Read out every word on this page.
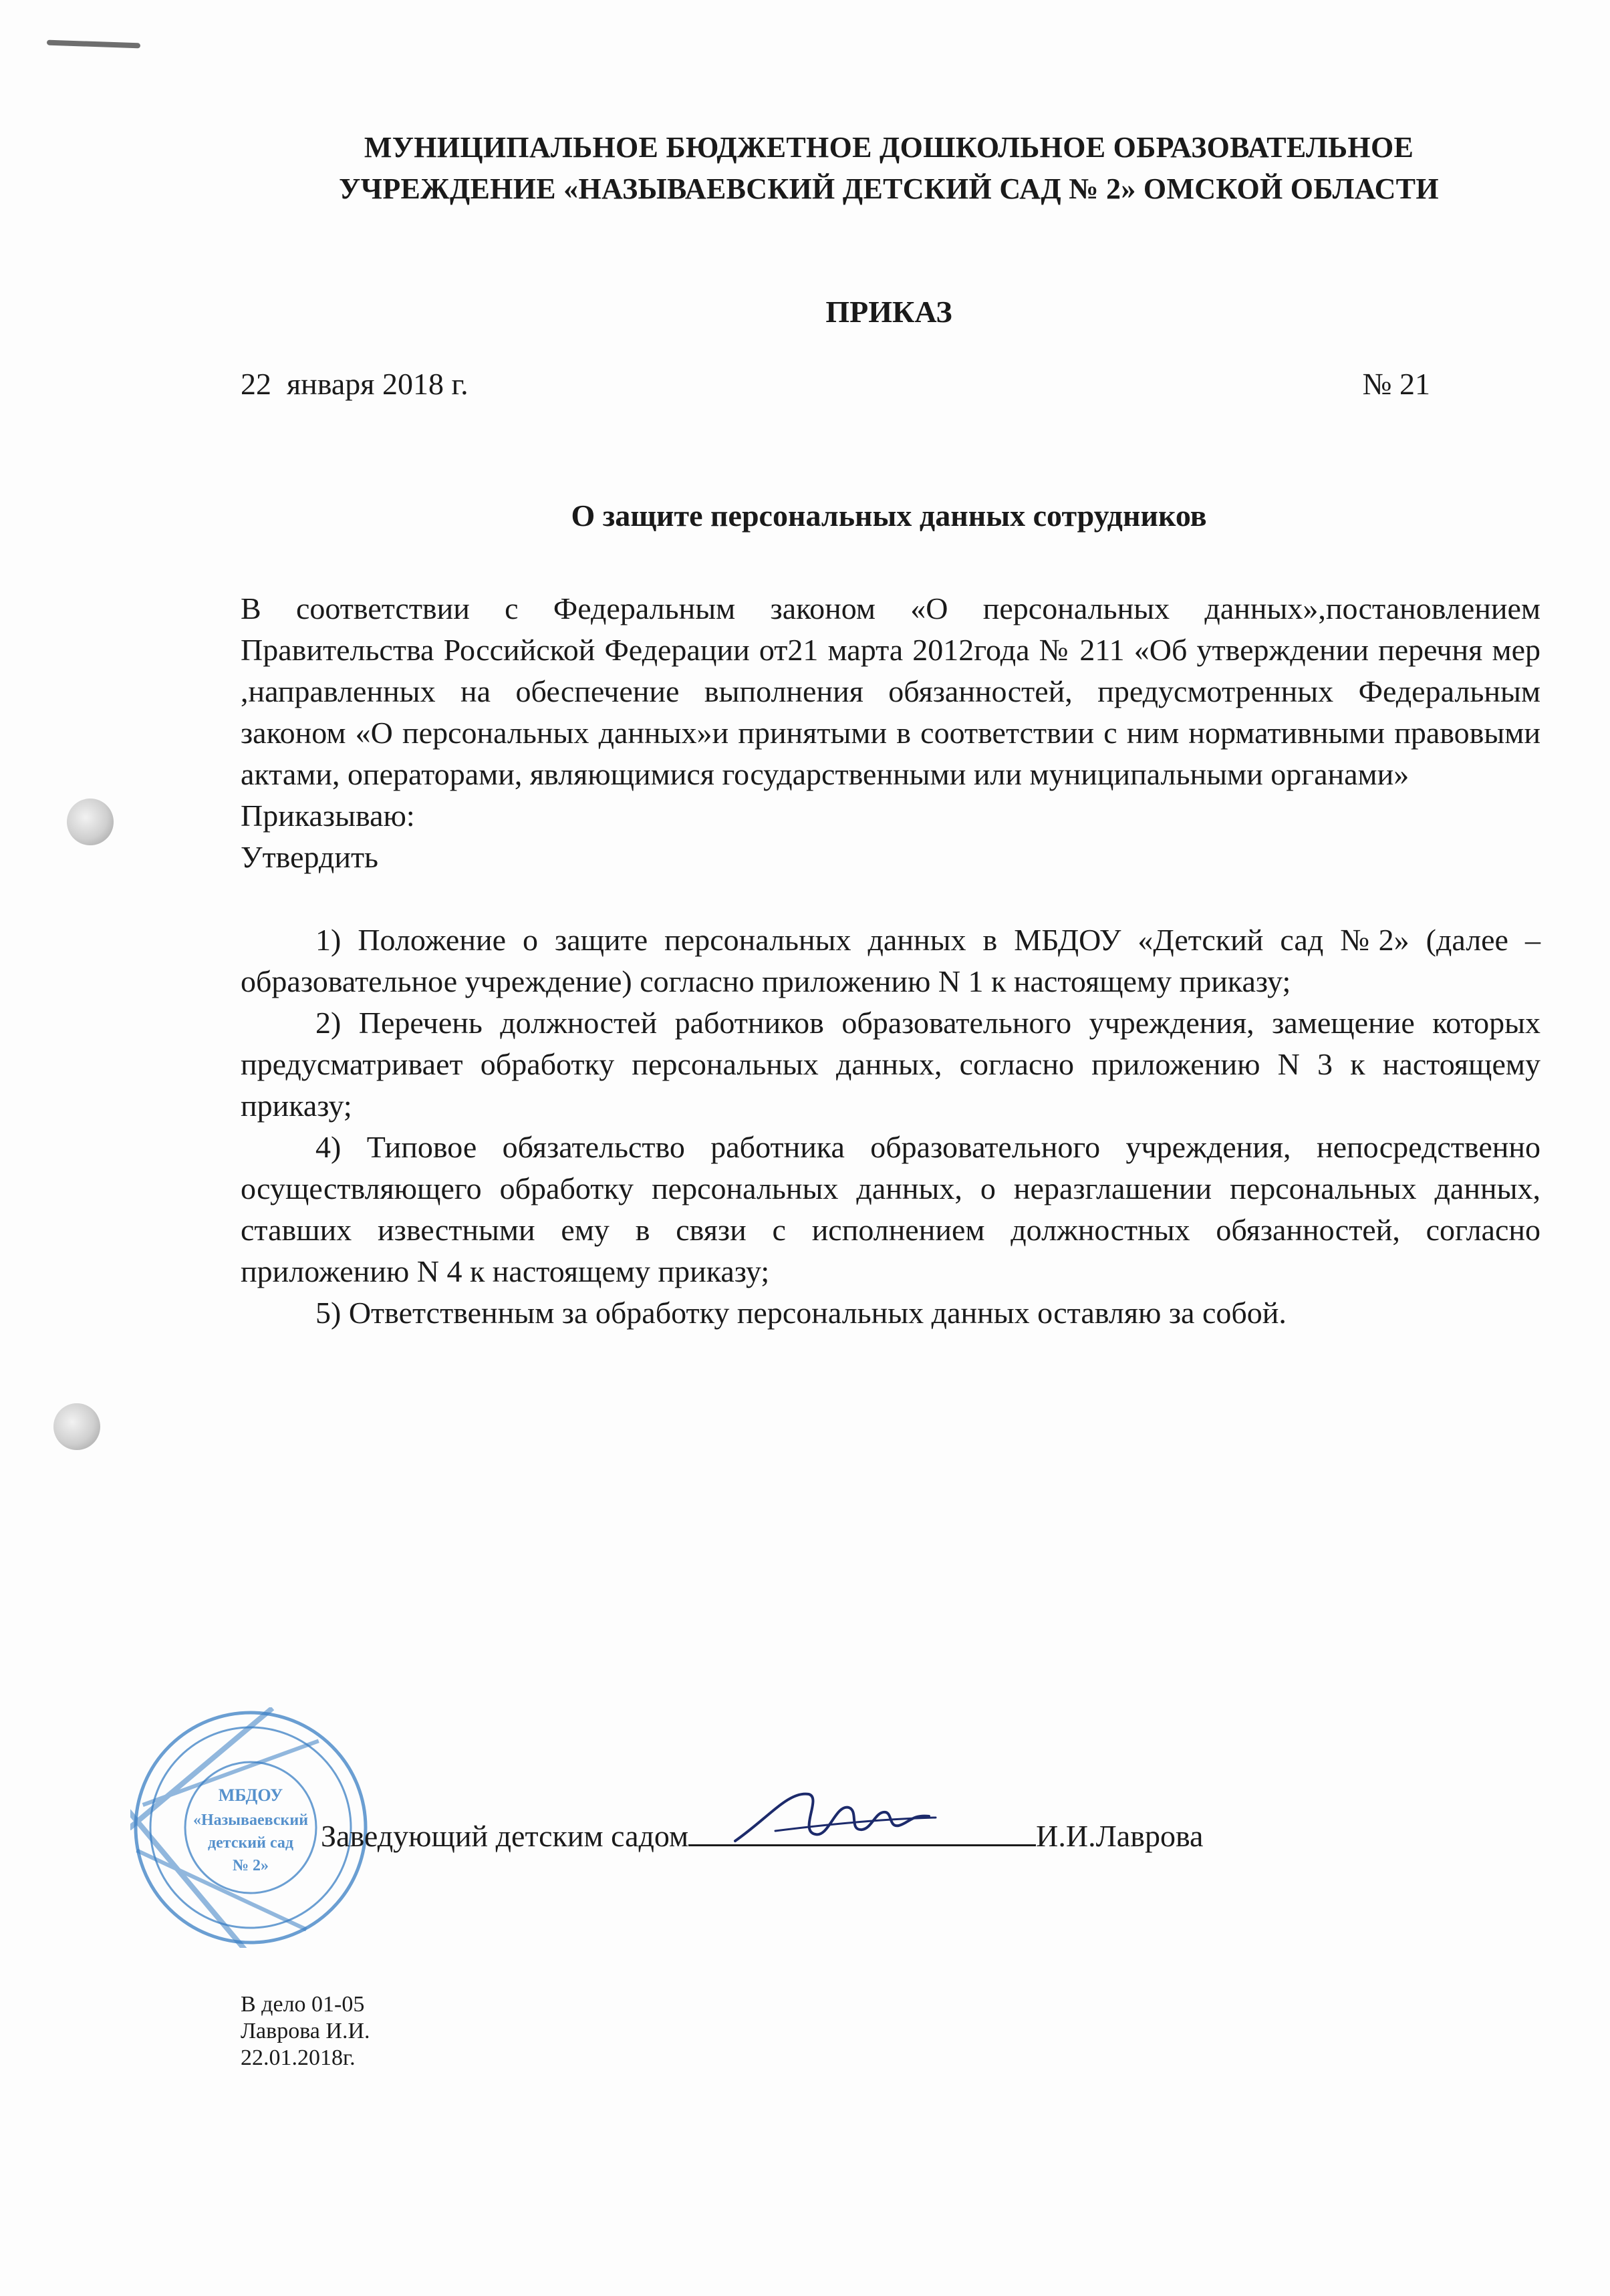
МУНИЦИПАЛЬНОЕ БЮДЖЕТНОЕ ДОШКОЛЬНОЕ ОБРАЗОВАТЕЛЬНОЕ
УЧРЕЖДЕНИЕ «НАЗЫВАЕВСКИЙ ДЕТСКИЙ САД № 2» ОМСКОЙ ОБЛАСТИ
ПРИКАЗ
22  января 2018 г.	№ 21
О защите персональных данных сотрудников

В соответствии с Федеральным законом «О персональных данных»,постановлением Правительства Российской Федерации от21 марта 2012года № 211 «Об утверждении перечня мер ,направленных на обеспечение выполнения обязанностей, предусмотренных Федеральным законом «О персональных данных»и принятыми в соответствии с ним нормативными правовыми актами, операторами, являющимися государственными или муниципальными органами»

Приказываю:

Утвердить

1) Положение о защите персональных данных в МБДОУ «Детский сад №2» (далее – образовательное учреждение) согласно приложению N 1 к настоящему приказу;

2) Перечень должностей работников образовательного учреждения, замещение которых предусматривает обработку персональных данных, согласно приложению N 3 к настоящему приказу;

4) Типовое обязательство работника образовательного учреждения, непосредственно осуществляющего обработку персональных данных, о неразглашении персональных данных, ставших известными ему в связи с исполнением должностных обязанностей, согласно приложению N 4 к настоящему приказу;

5) Ответственным за обработку персональных данных оставляю за собой.

МБДОУ
«Называевский
детский сад
№ 2»
Заведующий детским садом	И.И.Лаврова
В дело 01-05
Лаврова И.И.
22.01.2018г.
